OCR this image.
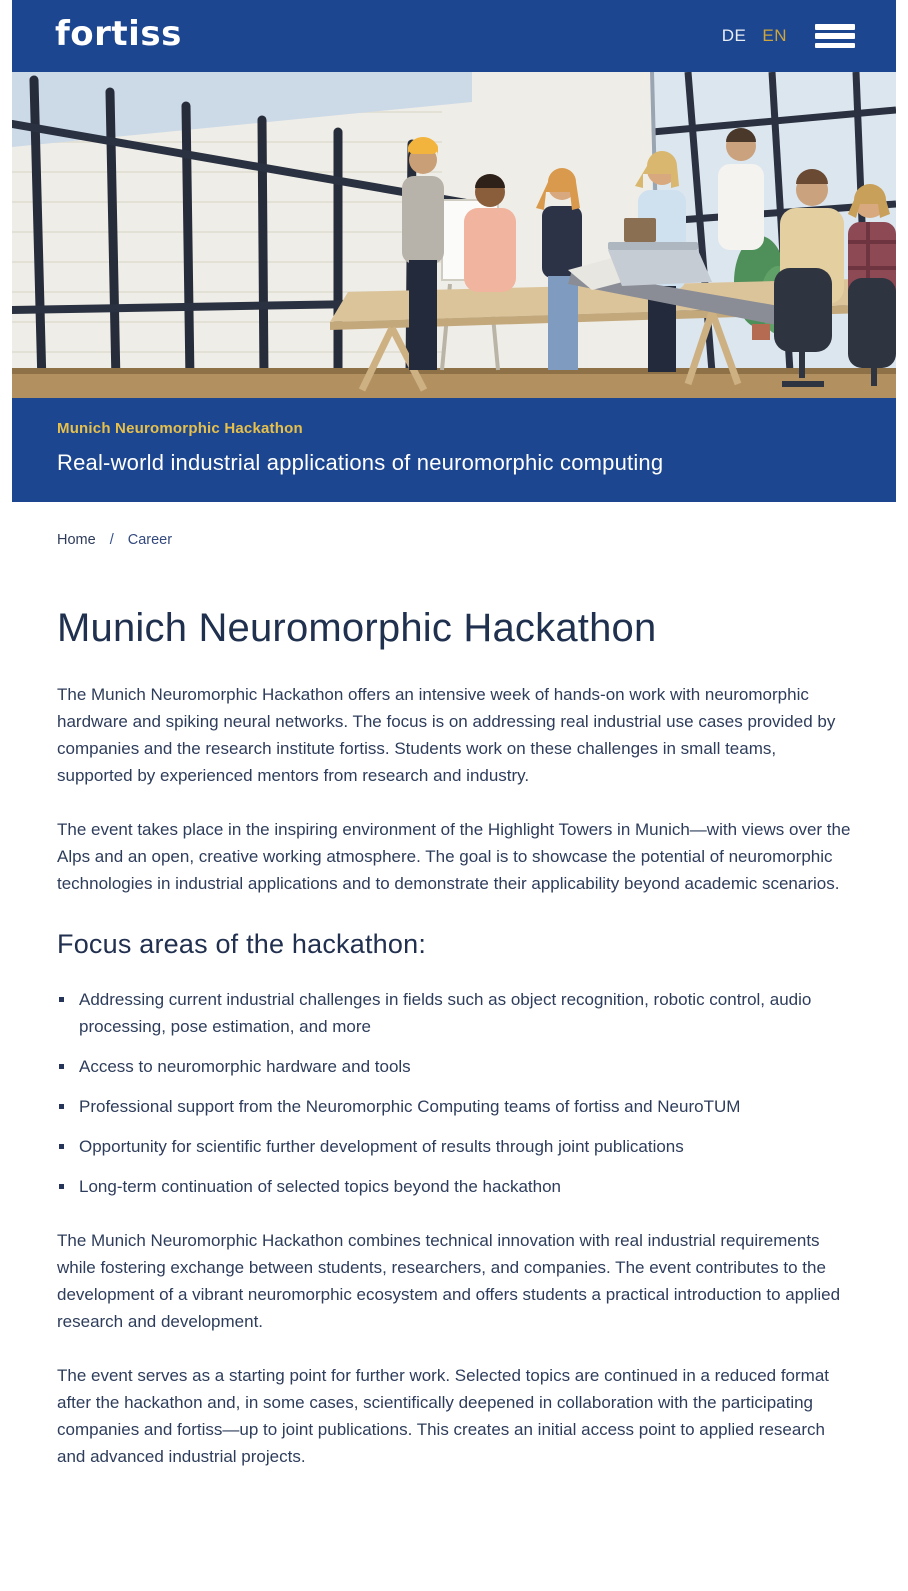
fortiss	DE EN

Munich Neuromorphic Hackathon

Real-world industrial applications of neuromorphic computing

Home / Career
Munich Neuromorphic Hackathon

The Munich Neuromorphic Hackathon offers an intensive week of hands-on work with neuromorphic hardware and spiking neural networks. The focus is on addressing real industrial use cases provided by companies and the research institute fortiss. Students work on these challenges in small teams, supported by experienced mentors from research and industry.

The event takes place in the inspiring environment of the Highlight Towers in Munich—with views over the Alps and an open, creative working atmosphere. The goal is to showcase the potential of neuromorphic technologies in industrial applications and to demonstrate their applicability beyond academic scenarios.

Focus areas of the hackathon:
Addressing current industrial challenges in fields such as object recognition, robotic control, audio processing, pose estimation, and more
Access to neuromorphic hardware and tools
Professional support from the Neuromorphic Computing teams of fortiss and NeuroTUM
Opportunity for scientific further development of results through joint publications
Long-term continuation of selected topics beyond the hackathon

The Munich Neuromorphic Hackathon combines technical innovation with real industrial requirements while fostering exchange between students, researchers, and companies. The event contributes to the development of a vibrant neuromorphic ecosystem and offers students a practical introduction to applied research and development.

The event serves as a starting point for further work. Selected topics are continued in a reduced format after the hackathon and, in some cases, scientifically deepened in collaboration with the participating companies and fortiss—up to joint publications. This creates an initial access point to applied research and advanced industrial projects.
